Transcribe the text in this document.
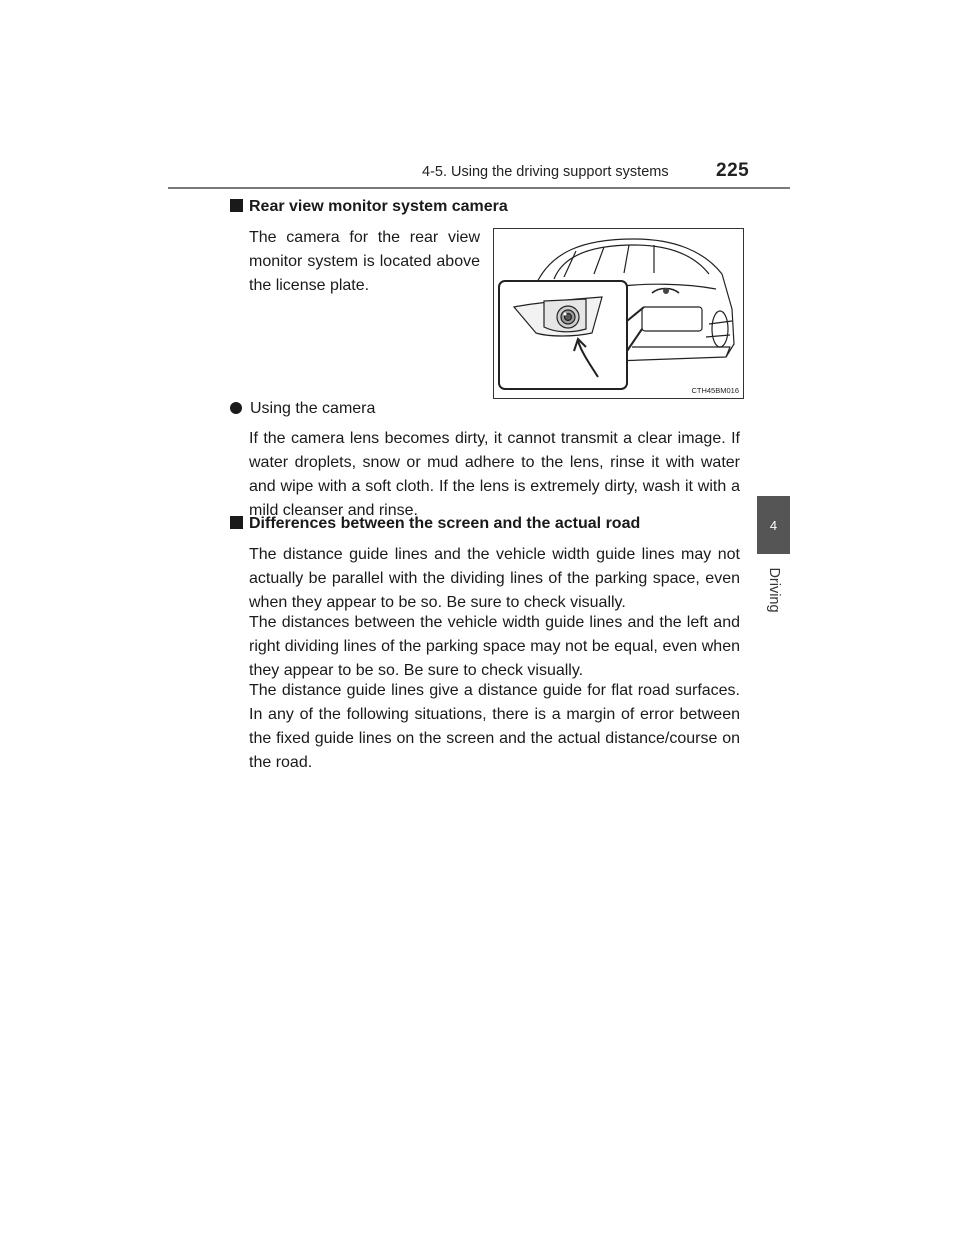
4-5. Using the driving support systems 225
4
Driving
Rear view monitor system camera
The camera for the rear view monitor system is located above the license plate.
CTH45BM016
Using the camera
If the camera lens becomes dirty, it cannot transmit a clear image. If water droplets, snow or mud adhere to the lens, rinse it with water and wipe with a soft cloth. If the lens is extremely dirty, wash it with a mild cleanser and rinse.
Differences between the screen and the actual road
The distance guide lines and the vehicle width guide lines may not actually be parallel with the dividing lines of the parking space, even when they appear to be so. Be sure to check visually.
The distances between the vehicle width guide lines and the left and right dividing lines of the parking space may not be equal, even when they appear to be so. Be sure to check visually.
The distance guide lines give a distance guide for flat road surfaces. In any of the following situations, there is a margin of error between the fixed guide lines on the screen and the actual distance/course on the road.
